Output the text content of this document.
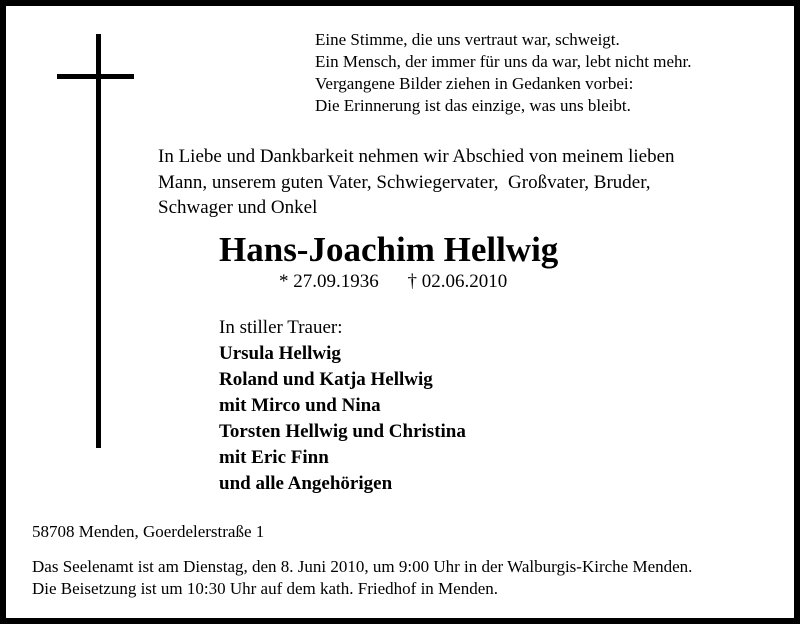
Eine Stimme, die uns vertraut war, schweigt.
Ein Mensch, der immer für uns da war, lebt nicht mehr.
Vergangene Bilder ziehen in Gedanken vorbei:
Die Erinnerung ist das einzige, was uns bleibt.
In Liebe und Dankbarkeit nehmen wir Abschied von meinem lieben
Mann, unserem guten Vater, Schwiegervater,  Großvater, Bruder,
Schwager und Onkel
Hans-Joachim Hellwig
* 27.09.1936 † 02.06.2010
In stiller Trauer:
Ursula Hellwig
Roland und Katja Hellwig
mit Mirco und Nina
Torsten Hellwig und Christina
mit Eric Finn
und alle Angehörigen
58708 Menden, Goerdelerstraße 1
Das Seelenamt ist am Dienstag, den 8. Juni 2010, um 9:00 Uhr in der Walburgis-Kirche Menden.
Die Beisetzung ist um 10:30 Uhr auf dem kath. Friedhof in Menden.
